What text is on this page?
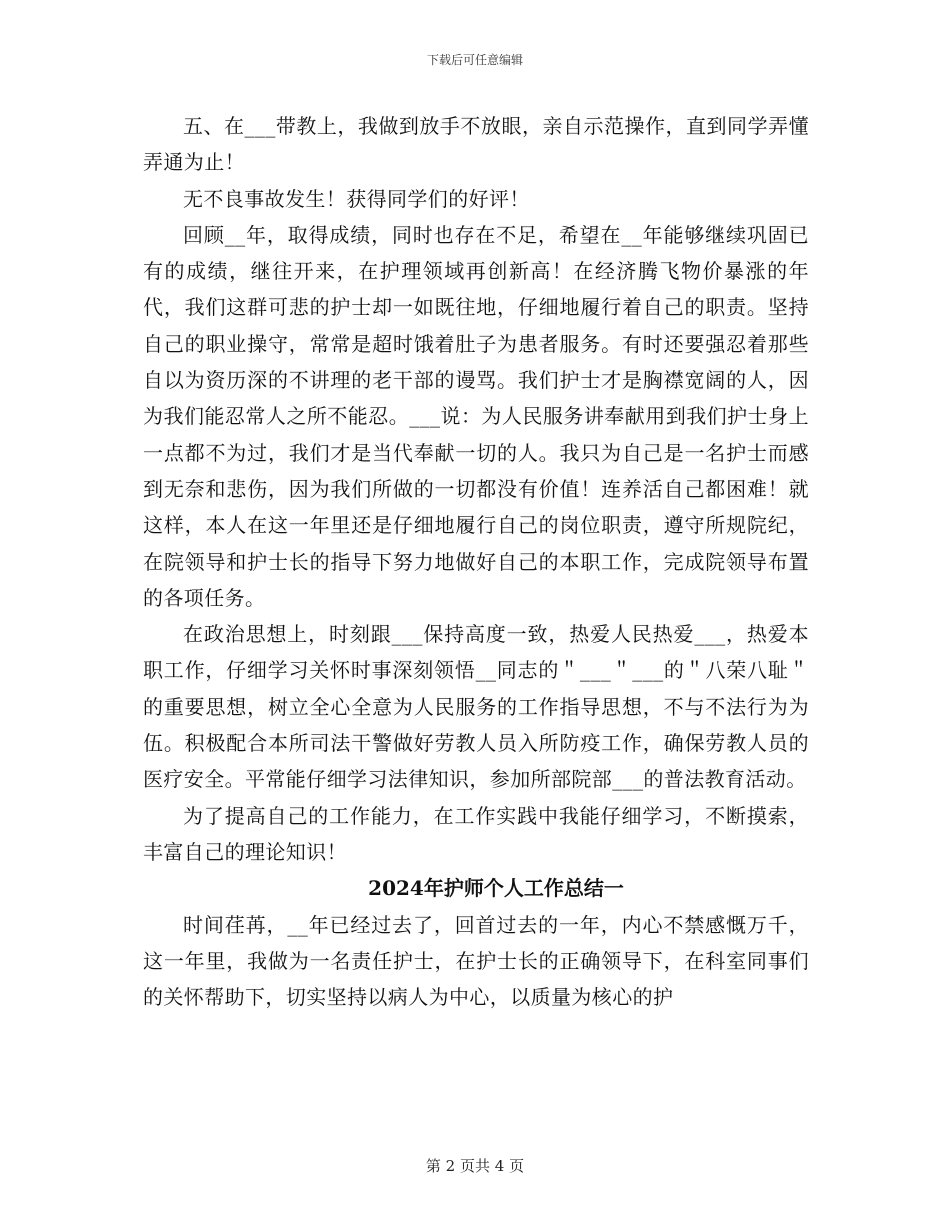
下载后可任意编辑

五、在___带教上，我做到放手不放眼，亲自示范操作，直到同学弄懂弄通为止！

无不良事故发生！获得同学们的好评！

回顾__年，取得成绩，同时也存在不足，希望在__年能够继续巩固已有的成绩，继往开来，在护理领域再创新高！在经济腾飞物价暴涨的年代，我们这群可悲的护士却一如既往地，仔细地履行着自己的职责。坚持自己的职业操守，常常是超时饿着肚子为患者服务。有时还要强忍着那些自以为资历深的不讲理的老干部的谩骂。我们护士才是胸襟宽阔的人，因为我们能忍常人之所不能忍。___说：为人民服务讲奉献用到我们护士身上一点都不为过，我们才是当代奉献一切的人。我只为自己是一名护士而感到无奈和悲伤，因为我们所做的一切都没有价值！连养活自己都困难！就这样，本人在这一年里还是仔细地履行自己的岗位职责，遵守所规院纪，在院领导和护士长的指导下努力地做好自己的本职工作，完成院领导布置的各项任务。

在政治思想上，时刻跟___保持高度一致，热爱人民热爱___，热爱本职工作，仔细学习关怀时事深刻领悟__同志的＂___＂___的＂八荣八耻＂的重要思想，树立全心全意为人民服务的工作指导思想，不与不法行为为伍。积极配合本所司法干警做好劳教人员入所防疫工作，确保劳教人员的医疗安全。平常能仔细学习法律知识，参加所部院部___的普法教育活动。

为了提高自己的工作能力，在工作实践中我能仔细学习，不断摸索，丰富自己的理论知识！

2024年护师个人工作总结一

时间荏苒，__年已经过去了，回首过去的一年，内心不禁感慨万千，这一年里，我做为一名责任护士，在护士长的正确领导下，在科室同事们的关怀帮助下，切实坚持以病人为中心，以质量为核心的护

第 2 页共 4 页
